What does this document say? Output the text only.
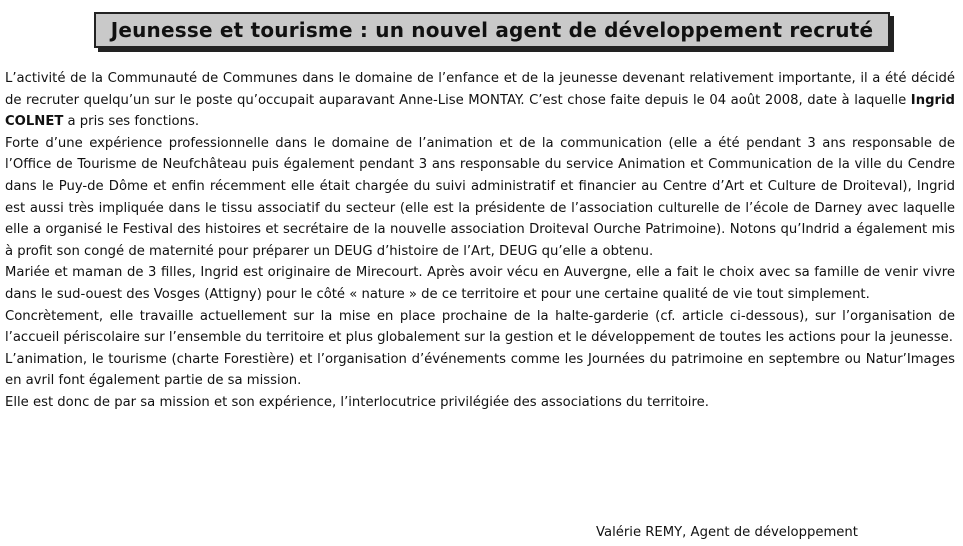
Jeunesse et tourisme : un nouvel agent de développement recruté

L’activité de la Communauté de Communes dans le domaine de l’enfance et de la jeunesse devenant relativement importante, il a été décidé de recruter quelqu’un sur le poste qu’occupait auparavant Anne-Lise MONTAY. C’est chose faite depuis le 04 août 2008, date à laquelle Ingrid COLNET a pris ses fonctions.

Forte d’une expérience professionnelle dans le domaine de l’animation et de la communication (elle a été pendant 3 ans responsable de l’Office de Tourisme de Neufchâteau puis également pendant 3 ans responsable du service Animation et Communication de la ville du Cendre dans le Puy-de Dôme et enfin récemment elle était chargée du suivi administratif et financier au Centre d’Art et Culture de Droiteval), Ingrid est aussi très impliquée dans le tissu associatif du secteur (elle est la présidente de l’association culturelle de l’école de Darney avec laquelle elle a organisé le Festival des histoires et secrétaire de la nouvelle association Droiteval Ourche Patrimoine). Notons qu’Indrid a également mis à profit son congé de maternité pour préparer un DEUG d’histoire de l’Art, DEUG qu’elle a obtenu.

Mariée et maman de 3 filles, Ingrid est originaire de Mirecourt. Après avoir vécu en Auvergne, elle a fait le choix avec sa famille de venir vivre dans le sud-ouest des Vosges (Attigny) pour le côté « nature » de ce territoire et pour une certaine qualité de vie tout simplement.

Concrètement, elle travaille actuellement sur la mise en place prochaine de la halte-garderie (cf. article ci-dessous), sur l’organisation de l’accueil périscolaire sur l’ensemble du territoire et plus globalement sur la gestion et le développement de toutes les actions pour la jeunesse.

L’animation, le tourisme (charte Forestière) et l’organisation d’événements comme les Journées du patrimoine en septembre ou Natur’Images en avril font également partie de sa mission.

Elle est donc de par sa mission et son expérience, l’interlocutrice privilégiée des associations du territoire.

Valérie REMY, Agent de développement
